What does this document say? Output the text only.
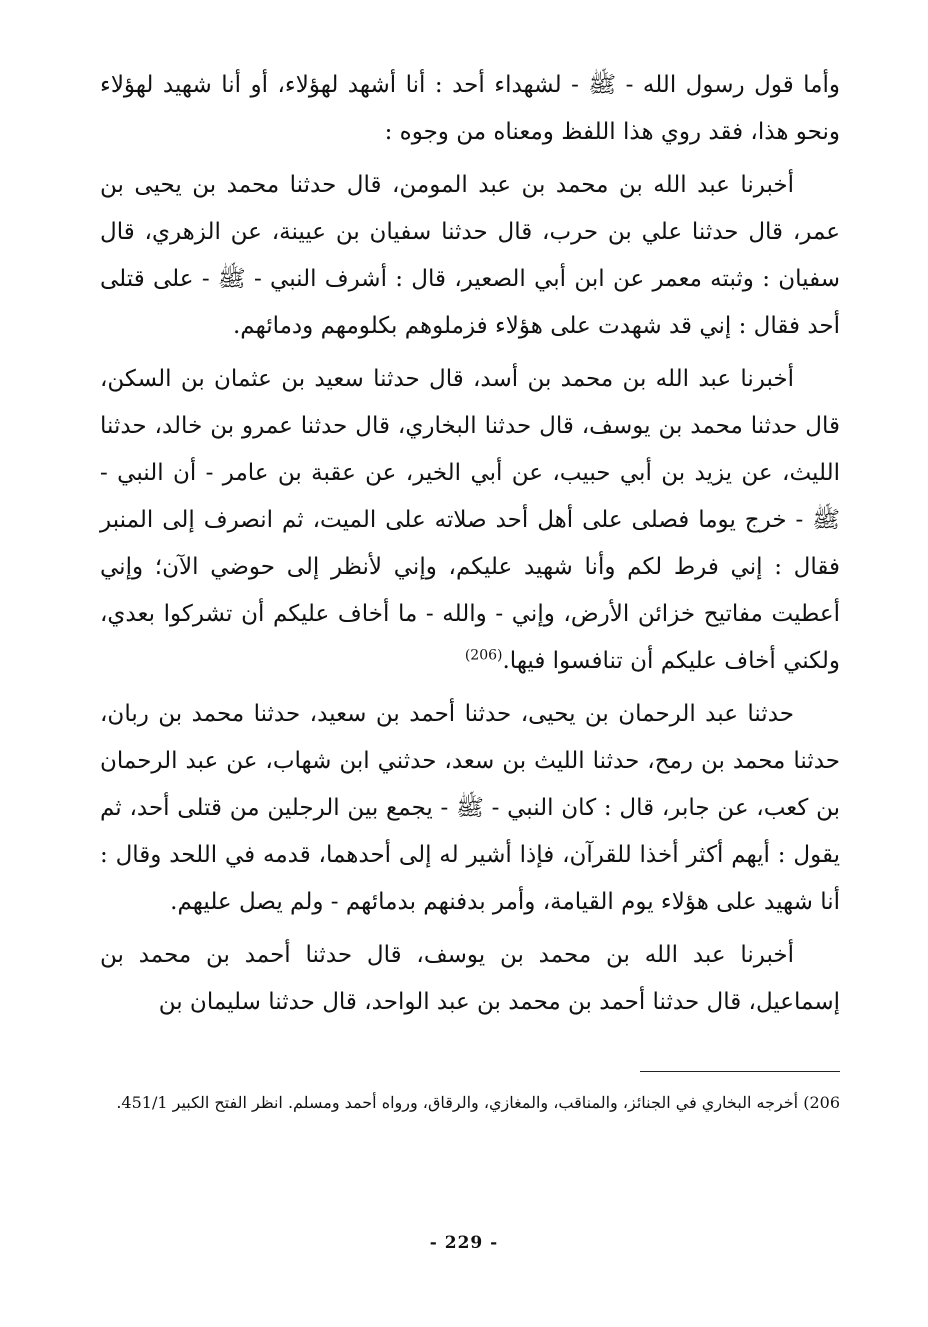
وأما قول رسول الله - ﷺ - لشهداء أحد : أنا أشهد لهؤلاء، أو أنا شهيد لهؤلاء ونحو هذا، فقد روي هذا اللفظ ومعناه من وجوه :

أخبرنا عبد الله بن محمد بن عبد المومن، قال حدثنا محمد بن يحيى بن عمر، قال حدثنا علي بن حرب، قال حدثنا سفيان بن عيينة، عن الزهري، قال سفيان : وثبته معمر عن ابن أبي الصعير، قال : أشرف النبي - ﷺ - على قتلى أحد فقال : إني قد شهدت على هؤلاء فزملوهم بكلومهم ودمائهم.

أخبرنا عبد الله بن محمد بن أسد، قال حدثنا سعيد بن عثمان بن السكن، قال حدثنا محمد بن يوسف، قال حدثنا البخاري، قال حدثنا عمرو بن خالد، حدثنا الليث، عن يزيد بن أبي حبيب، عن أبي الخير، عن عقبة بن عامر - أن النبي - ﷺ - خرج يوما فصلى على أهل أحد صلاته على الميت، ثم انصرف إلى المنبر فقال : إني فرط لكم وأنا شهيد عليكم، وإني لأنظر إلى حوضي الآن؛ وإني أعطيت مفاتيح خزائن الأرض، وإني - والله - ما أخاف عليكم أن تشركوا بعدي، ولكني أخاف عليكم أن تنافسوا فيها.$^{(206)}$

حدثنا عبد الرحمان بن يحيى، حدثنا أحمد بن سعيد، حدثنا محمد بن ربان، حدثنا محمد بن رمح، حدثنا الليث بن سعد، حدثني ابن شهاب، عن عبد الرحمان بن كعب، عن جابر، قال : كان النبي - ﷺ - يجمع بين الرجلين من قتلى أحد، ثم يقول : أيهم أكثر أخذا للقرآن، فإذا أشير له إلى أحدهما، قدمه في اللحد وقال : أنا شهيد على هؤلاء يوم القيامة، وأمر بدفنهم بدمائهم - ولم يصل عليهم.

أخبرنا عبد الله بن محمد بن يوسف، قال حدثنا أحمد بن محمد بن إسماعيل، قال حدثنا أحمد بن محمد بن عبد الواحد، قال حدثنا سليمان بن

206) أخرجه البخاري في الجنائز، والمناقب، والمغازي، والرقاق، ورواه أحمد ومسلم. انظر الفتح الكبير 451/1.
- 229 -
